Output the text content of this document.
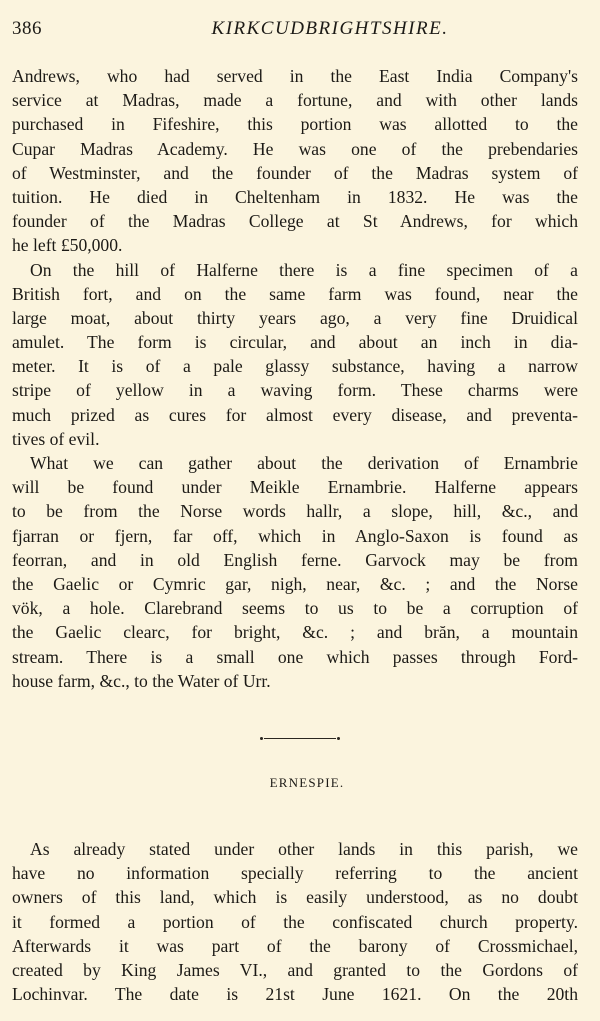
386	KIRKCUDBRIGHTSHIRE.
Andrews, who had served in the East India Company's
service at Madras, made a fortune, and with other lands
purchased in Fifeshire, this portion was allotted to the
Cupar Madras Academy. He was one of the prebendaries
of Westminster, and the founder of the Madras system of
tuition. He died in Cheltenham in 1832. He was the
founder of the Madras College at St Andrews, for which
he left £50,000.
On the hill of Halferne there is a fine specimen of a
British fort, and on the same farm was found, near the
large moat, about thirty years ago, a very fine Druidical
amulet. The form is circular, and about an inch in dia-
meter. It is of a pale glassy substance, having a narrow
stripe of yellow in a waving form. These charms were
much prized as cures for almost every disease, and preventa-
tives of evil.
What we can gather about the derivation of Ernambrie
will be found under Meikle Ernambrie. Halferne appears
to be from the Norse words hallr, a slope, hill, &c., and
fjarran or fjern, far off, which in Anglo-Saxon is found as
feorran, and in old English ferne. Garvock may be from
the Gaelic or Cymric gar, nigh, near, &c. ; and the Norse
vök, a hole. Clarebrand seems to us to be a corruption of
the Gaelic clearc, for bright, &c. ; and brăn, a mountain
stream. There is a small one which passes through Ford-
house farm, &c., to the Water of Urr.
ERNESPIE.
As already stated under other lands in this parish, we
have no information specially referring to the ancient
owners of this land, which is easily understood, as no doubt
it formed a portion of the confiscated church property.
Afterwards it was part of the barony of Crossmichael,
created by King James VI., and granted to the Gordons of
Lochinvar. The date is 21st June 1621. On the 20th
